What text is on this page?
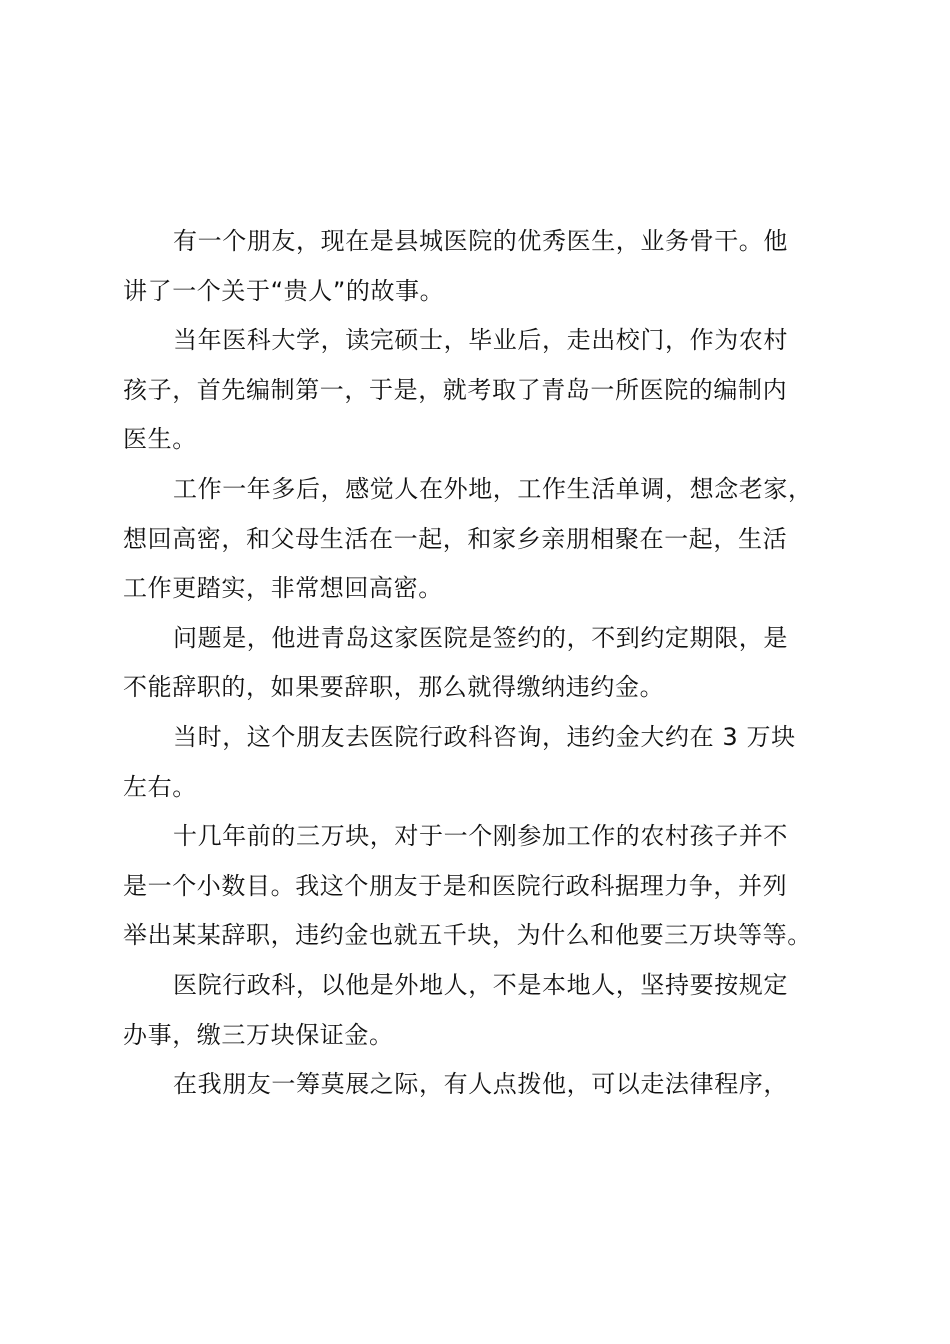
有一个朋友，现在是县城医院的优秀医生，业务骨干。他
讲了一个关于“贵人”的故事。
当年医科大学，读完硕士，毕业后，走出校门，作为农村
孩子，首先编制第一，于是，就考取了青岛一所医院的编制内
医生。
工作一年多后，感觉人在外地，工作生活单调，想念老家，
想回高密，和父母生活在一起，和家乡亲朋相聚在一起，生活
工作更踏实，非常想回高密。
问题是，他进青岛这家医院是签约的，不到约定期限，是
不能辞职的，如果要辞职，那么就得缴纳违约金。
当时，这个朋友去医院行政科咨询，违约金大约在 3 万块
左右。
十几年前的三万块，对于一个刚参加工作的农村孩子并不
是一个小数目。我这个朋友于是和医院行政科据理力争，并列
举出某某辞职，违约金也就五千块，为什么和他要三万块等等。
医院行政科，以他是外地人，不是本地人，坚持要按规定
办事，缴三万块保证金。
在我朋友一筹莫展之际，有人点拨他，可以走法律程序，
